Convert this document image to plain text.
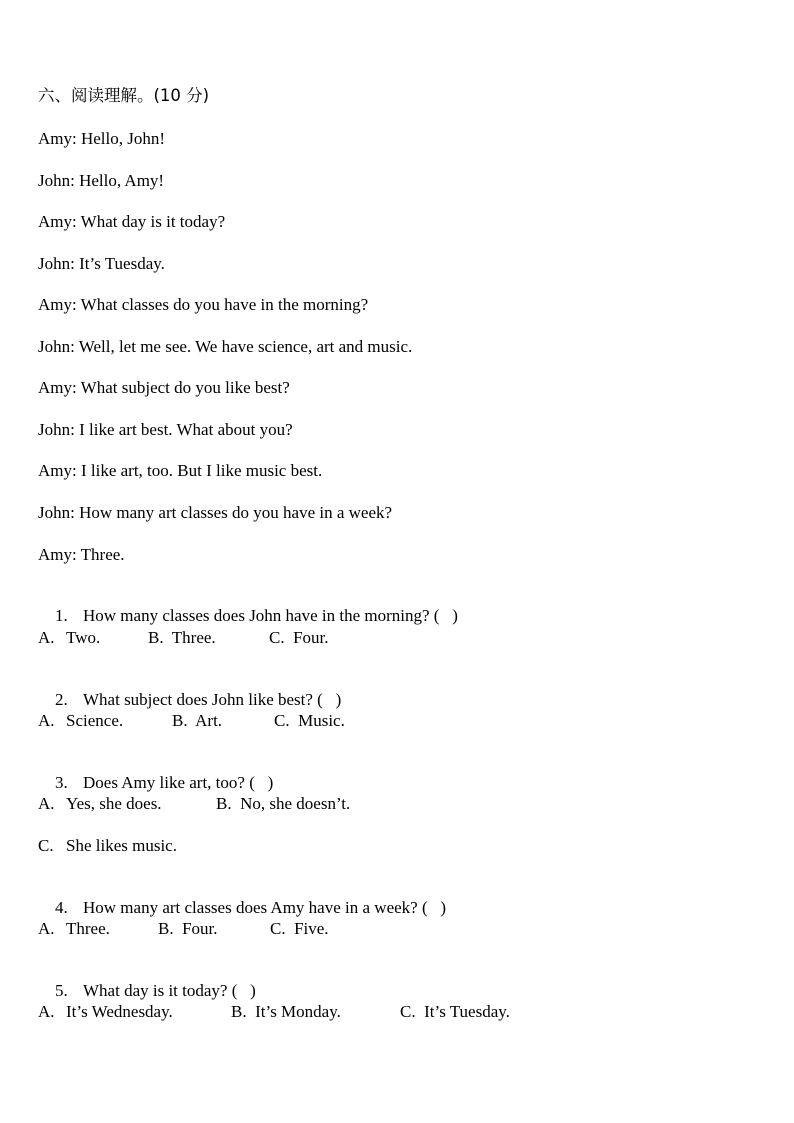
六、阅读理解。(10 分)
Amy: Hello, John!
John: Hello, Amy!
Amy: What day is it today?
John: It’s Tuesday.
Amy: What classes do you have in the morning?
John: Well, let me see. We have science, art and music.
Amy: What subject do you like best?
John: I like art best. What about you?
Amy: I like art, too. But I like music best.
John: How many art classes do you have in a week?
Amy: Three.

1. How many classes does John have in the morning? (   )

A.

Two.

	B.  Three.

	C.  Four.

2. What subject does John like best? (   )

A.

Science.

	B.  Art.

	C.  Music.

3. Does Amy like art, too? (   )

A.

Yes, she does.

	B.  No, she doesn’t.

C.

She likes music.

4. How many art classes does Amy have in a week? (   )

A.

Three.

	B.  Four.

	C.  Five.

5. What day is it today? (   )

A.

It’s Wednesday.

	B.  It’s Monday.

	C.  It’s Tuesday.
